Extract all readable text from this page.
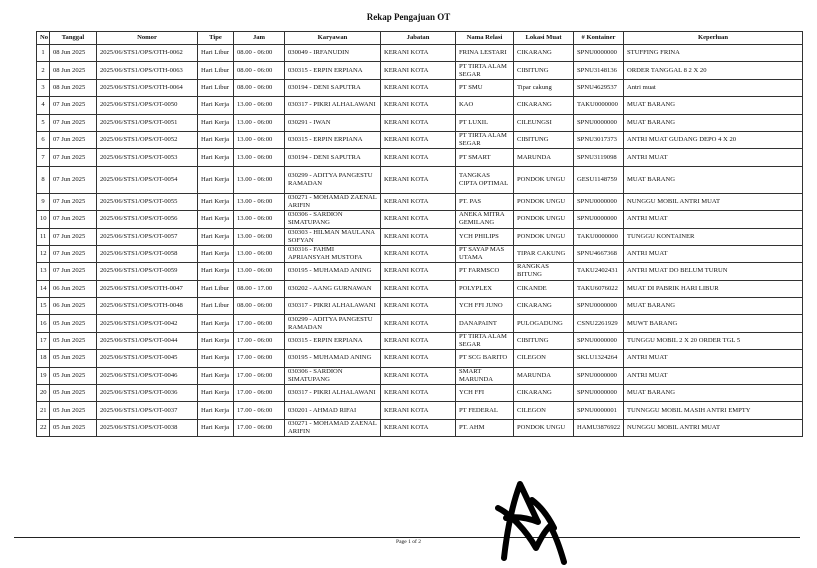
Rekap Pengajuan OT
No	Tanggal	Nomor	Tipe	Jam	Karyawan	Jabatan	Nama Relasi	Lokasi Muat	# Kontainer	Keperluan
1	08 Jun 2025	2025/06/STS1/OPS/OTH-0062	Hari Libur	08.00 - 06:00	030049 - IRFANUDIN	KERANI KOTA	FRINA LESTARI	CIKARANG	SPNU0000000	STUFFING FRINA
2	08 Jun 2025	2025/06/STS1/OPS/OTH-0063	Hari Libur	08.00 - 06:00	030315 - ERPIN ERPIANA	KERANI KOTA	PT TIRTA ALAM SEGAR	CIBITUNG	SPNU3148136	ORDER TANGGAL 8 2 X 20
3	08 Jun 2025	2025/06/STS1/OPS/OTH-0064	Hari Libur	08.00 - 06:00	030194 - DENI SAPUTRA	KERANI KOTA	PT SMU	Tipar cakung	SPNU4629537	Antri muat
4	07 Jun 2025	2025/06/STS1/OPS/OT-0050	Hari Kerja	13.00 - 06:00	030317 - PIKRI ALHALAWANI	KERANI KOTA	KAO	CIKARANG	TAKU0000000	MUAT BARANG
5	07 Jun 2025	2025/06/STS1/OPS/OT-0051	Hari Kerja	13.00 - 06:00	030291 - IWAN	KERANI KOTA	PT LUXIL	CILEUNGSI	SPNU0000000	MUAT BARANG
6	07 Jun 2025	2025/06/STS1/OPS/OT-0052	Hari Kerja	13.00 - 06:00	030315 - ERPIN ERPIANA	KERANI KOTA	PT TIRTA ALAM SEGAR	CIBITUNG	SPNU3017373	ANTRI MUAT GUDANG DEPO 4 X 20
7	07 Jun 2025	2025/06/STS1/OPS/OT-0053	Hari Kerja	13.00 - 06:00	030194 - DENI SAPUTRA	KERANI KOTA	PT SMART	MARUNDA	SPNU3119098	ANTRI MUAT
8	07 Jun 2025	2025/06/STS1/OPS/OT-0054	Hari Kerja	13.00 - 06:00	030299 - ADITYA PANGESTU RAMADAN	KERANI KOTA	TANGKAS CIPTA OPTIMAL	PONDOK UNGU	GESU1148759	MUAT BARANG
9	07 Jun 2025	2025/06/STS1/OPS/OT-0055	Hari Kerja	13.00 - 06:00	030271 - MOHAMAD ZAENAL ARIFIN	KERANI KOTA	PT. PAS	PONDOK UNGU	SPNU0000000	NUNGGU MOBIL ANTRI MUAT
10	07 Jun 2025	2025/06/STS1/OPS/OT-0056	Hari Kerja	13.00 - 06:00	030306 - SARDION SIMATUPANG	KERANI KOTA	ANEKA MITRA GEMILANG	PONDOK UNGU	SPNU0000000	ANTRI MUAT
11	07 Jun 2025	2025/06/STS1/OPS/OT-0057	Hari Kerja	13.00 - 06:00	030303 - HILMAN MAULANA SOFYAN	KERANI KOTA	YCH PHILIPS	PONDOK UNGU	TAKU0000000	TUNGGU KONTAINER
12	07 Jun 2025	2025/06/STS1/OPS/OT-0058	Hari Kerja	13.00 - 06:00	030316 - FAHMI APRIANSYAH MUSTOFA	KERANI KOTA	PT SAYAP MAS UTAMA	TIPAR CAKUNG	SPNU4667368	ANTRI MUAT
13	07 Jun 2025	2025/06/STS1/OPS/OT-0059	Hari Kerja	13.00 - 06:00	030195 - MUHAMAD ANING	KERANI KOTA	PT FARMSCO	RANGKAS BITUNG	TAKU2402431	ANTRI MUAT DO BELUM TURUN
14	06 Jun 2025	2025/06/STS1/OPS/OTH-0047	Hari Libur	08.00 - 17.00	030202 - AANG GURNAWAN	KERANI KOTA	POLYPLEX	CIKANDE	TAKU6076022	MUAT DI PABRIK HARI LIBUR
15	06 Jun 2025	2025/06/STS1/OPS/OTH-0048	Hari Libur	08.00 - 06:00	030317 - PIKRI ALHALAWANI	KERANI KOTA	YCH FFI JUNO	CIKARANG	SPNU0000000	MUAT BARANG
16	05 Jun 2025	2025/06/STS1/OPS/OT-0042	Hari Kerja	17.00 - 06:00	030299 - ADITYA PANGESTU RAMADAN	KERANI KOTA	DANAPAINT	PULOGADUNG	CSNU2261929	MUWT BARANG
17	05 Jun 2025	2025/06/STS1/OPS/OT-0044	Hari Kerja	17.00 - 06:00	030315 - ERPIN ERPIANA	KERANI KOTA	PT TIRTA ALAM SEGAR	CIBITUNG	SPNU0000000	TUNGGU MOBIL 2 X 20 ORDER TGL 5
18	05 Jun 2025	2025/06/STS1/OPS/OT-0045	Hari Kerja	17.00 - 06:00	030195 - MUHAMAD ANING	KERANI KOTA	PT SCG BARITO	CILEGON	SKLU1324264	ANTRI MUAT
19	05 Jun 2025	2025/06/STS1/OPS/OT-0046	Hari Kerja	17.00 - 06:00	030306 - SARDION SIMATUPANG	KERANI KOTA	SMART MARUNDA	MARUNDA	SPNU0000000	ANTRI MUAT
20	05 Jun 2025	2025/06/STS1/OPS/OT-0036	Hari Kerja	17.00 - 06:00	030317 - PIKRI ALHALAWANI	KERANI KOTA	YCH FFI	CIKARANG	SPNU0000000	MUAT BARANG
21	05 Jun 2025	2025/06/STS1/OPS/OT-0037	Hari Kerja	17.00 - 06:00	030201 - AHMAD RIFAI	KERANI KOTA	PT FEDERAL	CILEGON	SPNU0000001	TUNNGGU MOBIL MASIH ANTRI EMPTY
22	05 Jun 2025	2025/06/STS1/OPS/OT-0038	Hari Kerja	17.00 - 06:00	030271 - MOHAMAD ZAENAL ARIFIN	KERANI KOTA	PT. AHM	PONDOK UNGU	HAMU3876922	NUNGGU MOBIL ANTRI MUAT
Page 1 of 2
